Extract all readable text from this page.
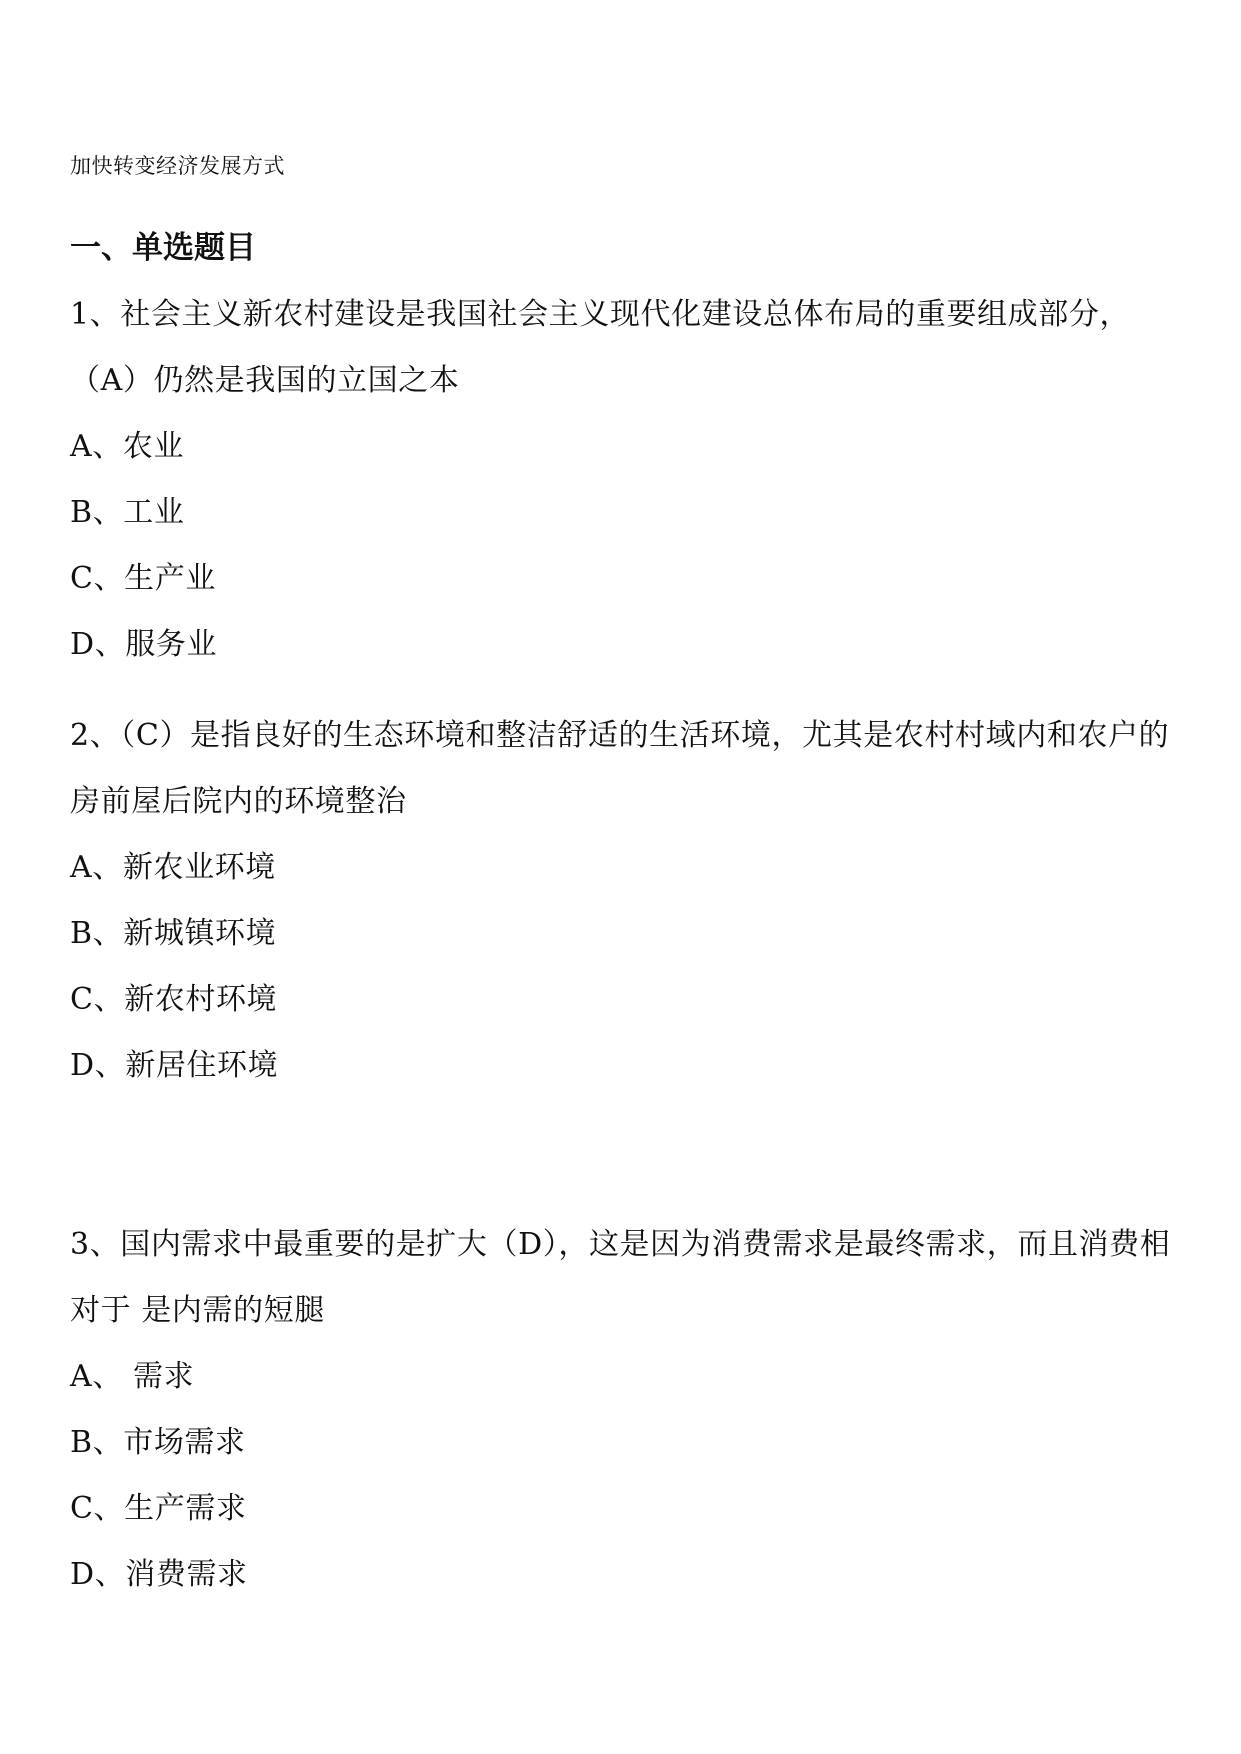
加快转变经济发展方式
一、单选题目

1、社会主义新农村建设是我国社会主义现代化建设总体布局的重要组成部分，（A）仍然是我国的立国之本

A、农业

B、工业

C、生产业

D、服务业

2、（C）是指良好的生态环境和整洁舒适的生活环境，尤其是农村村域内和农户的房前屋后院内的环境整治

A、新农业环境

B、新城镇环境

C、新农村环境

D、新居住环境

3、国内需求中最重要的是扩大（D），这是因为消费需求是最终需求，而且消费相对于 是内需的短腿

A、 需求

B、市场需求

C、生产需求

D、消费需求
